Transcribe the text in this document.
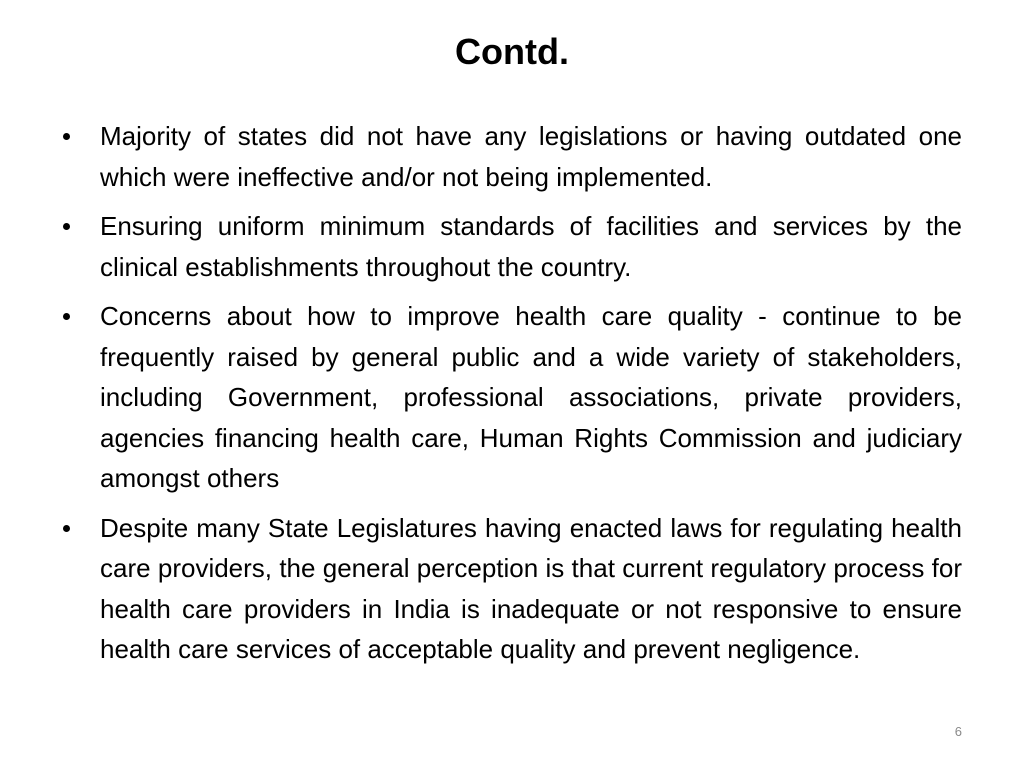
Contd.
Majority of states did not have any legislations or having outdated one which were ineffective and/or not being implemented.
Ensuring uniform minimum standards of facilities and services by the clinical establishments throughout the country.
Concerns about how to improve health care quality - continue to be frequently raised by general public and a wide variety of stakeholders, including Government, professional associations, private providers, agencies financing health care, Human Rights Commission and judiciary amongst others
Despite many State Legislatures having enacted laws for regulating health care providers, the general perception is that current regulatory process for health care providers in India is inadequate or not responsive to ensure health care services of acceptable quality and prevent negligence.
6
